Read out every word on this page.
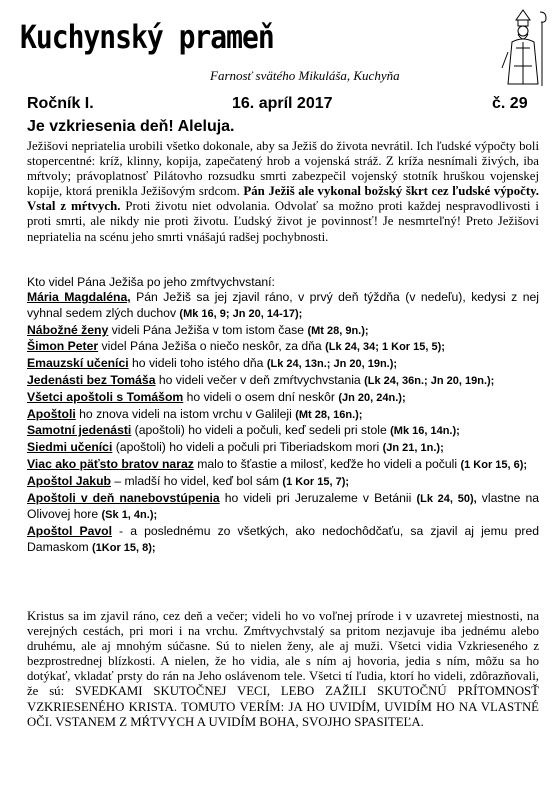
Kuchynský prameň
Farnosť svätého Mikuláša, Kuchyňa
Ročník I.	16. apríl 2017	č. 29
Je vzkriesenia deň! Aleluja.

Ježišovi nepriatelia urobili všetko dokonale, aby sa Ježiš do života nevrátil. Ich ľudské výpočty boli stopercentné: kríž, klinny, kopija, zapečatený hrob a vojenská stráž. Z kríža nesnímali živých, iba mŕtvoly; právoplatnosť Pilátovho rozsudku smrti zabezpečil vojenský stotník hruškou vojenskej kopije, ktorá prenikla Ježišovým srdcom. Pán Ježiš ale vykonal božský škrt cez ľudské výpočty. Vstal z mŕtvych. Proti životu niet odvolania. Odvolať sa možno proti každej nespravodlivosti i proti smrti, ale nikdy nie proti životu. Ľudský život je povinnosť! Je nesmrteľný! Preto Ježišovi nepriatelia na scénu jeho smrti vnášajú radšej pochybnosti.

Kto videl Pána Ježiša po jeho zmŕtvychvstaní:

Mária Magdaléna, Pán Ježiš sa jej zjavil ráno, v prvý deň týždňa (v nedeľu), kedysi z nej vyhnal sedem zlých duchov (Mk 16, 9; Jn 20, 14-17);

Nábožné ženy videli Pána Ježiša v tom istom čase (Mt 28, 9n.);

Šimon Peter videl Pána Ježiša o niečo neskôr, za dňa (Lk 24, 34; 1 Kor 15, 5);

Emauzskí učeníci ho videli toho istého dňa (Lk 24, 13n.; Jn 20, 19n.);

Jedenásti bez Tomáša ho videli večer v deň zmŕtvychvstania (Lk 24, 36n.; Jn 20, 19n.);

Všetci apoštoli s Tomášom ho videli o osem dní neskôr (Jn 20, 24n.);

Apoštoli ho znova videli na istom vrchu v Galileji (Mt 28, 16n.);

Samotní jedenásti (apoštoli) ho videli a počuli, keď sedeli pri stole (Mk 16, 14n.);

Siedmi učeníci (apoštoli) ho videli a počuli pri Tiberiadskom mori (Jn 21, 1n.);

Viac ako päťsto bratov naraz malo to šťastie a milosť, keďže ho videli a počuli (1 Kor 15, 6);

Apoštol Jakub – mladší ho videl, keď bol sám (1 Kor 15, 7);

Apoštoli v deň nanebovstúpenia ho videli pri Jeruzaleme v Betánii (Lk 24, 50), vlastne na Olivovej hore (Sk 1, 4n.);

Apoštol Pavol - a poslednému zo všetkých, ako nedochôdčaťu, sa zjavil aj jemu pred Damaskom (1Kor 15, 8);

Kristus sa im zjavil ráno, cez deň a večer; videli ho vo voľnej prírode i v uzavretej miestnosti, na verejných cestách, pri mori i na vrchu. Zmŕtvychvstalý sa pritom nezjavuje iba jednému alebo druhému, ale aj mnohým súčasne. Sú to nielen ženy, ale aj muži. Všetci vidia Vzkrieseného z bezprostrednej blízkosti. A nielen, že ho vidia, ale s ním aj hovoria, jedia s ním, môžu sa ho dotýkať, vkladať prsty do rán na Jeho oslávenom tele. Všetci tí ľudia, ktorí ho videli, zdôrazňovali, že sú: SVEDKAMI SKUTOČNEJ VECI, LEBO ZAŽILI SKUTOČNÚ PRÍTOMNOSŤ VZKRIESENÉHO KRISTA. TOMUTO VERÍM: JA HO UVIDÍM, UVIDÍM HO NA VLASTNÉ OČI. VSTANEM Z MŔTVYCH A UVIDÍM BOHA, SVOJHO SPASITEĽA.
